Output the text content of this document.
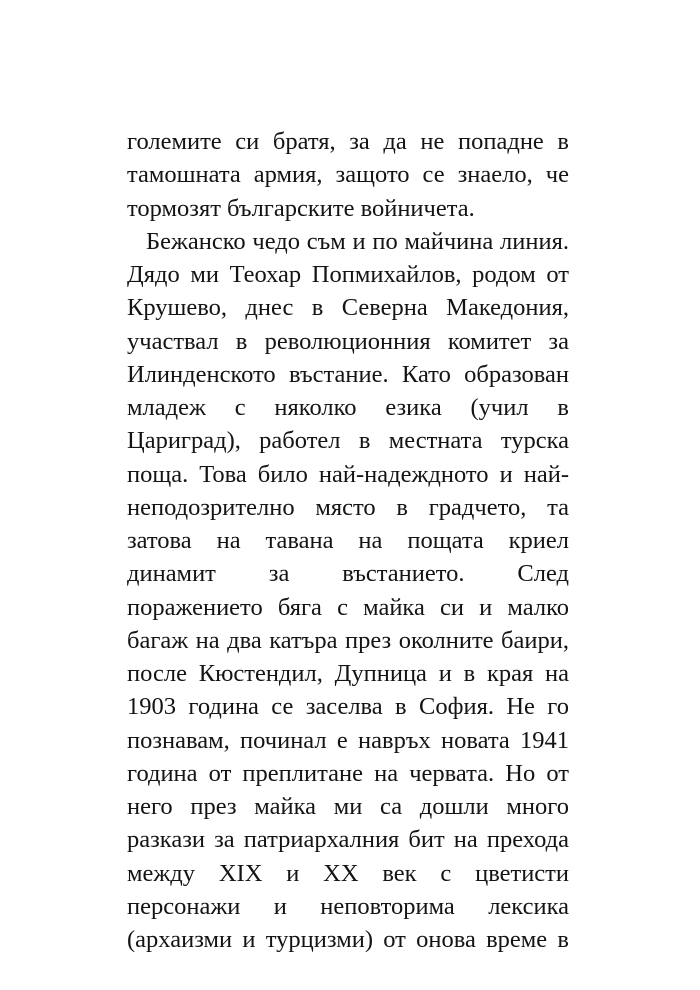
големите си братя, за да не попадне в
тамошната армия, защото се знаело, че
тормозят българските войничета.
Бежанско чедо съм и по майчина линия.
Дядо ми Теохар Попмихайлов, родом от
Крушево, днес в Северна Македония,
участвал в революционния комитет за
Илинденското въстание. Като образован
младеж с няколко езика (учил в
Цариград), работел в местната турска
поща. Това било най-надеждното и най-
неподозрително място в градчето, та
затова на тавана на пощата криел
динамит за въстанието. След
поражението бяга с майка си и малко
багаж на два катъра през околните баири,
после Кюстендил, Дупница и в края на
1903 година се заселва в София. Не го
познавам, починал е навръх новата 1941
година от преплитане на червата. Но от
него през майка ми са дошли много
разкази за патриархалния бит на прехода
между XIX и XX век с цветисти
персонажи и неповторима лексика
(архаизми и турцизми) от онова време в
